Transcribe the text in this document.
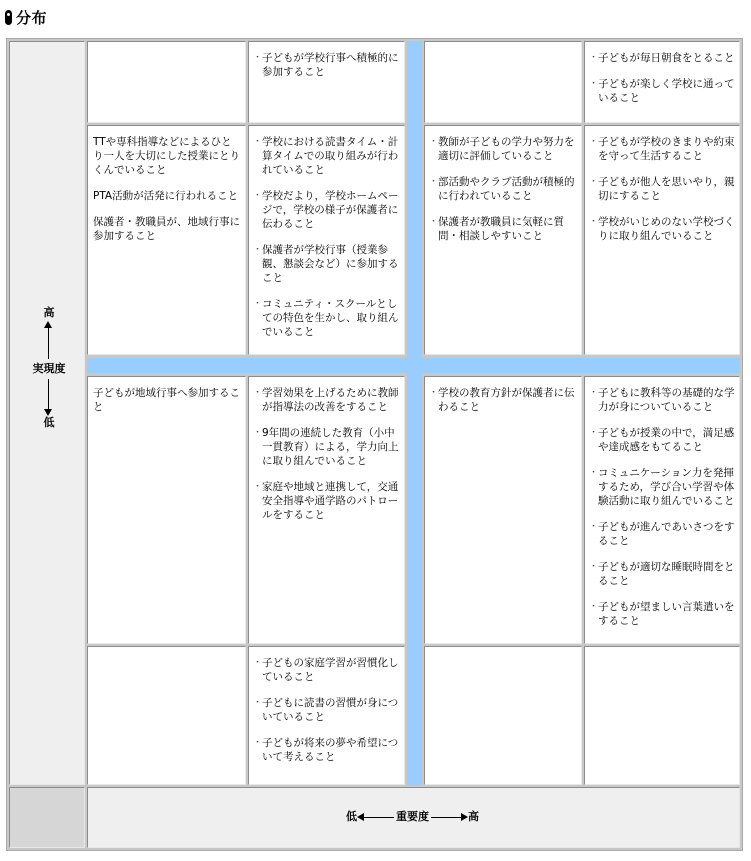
分布
高
実現度
低
低	重要度	高
・ 子どもが学校行事へ積極的に参加すること
・ 子どもが毎日朝食をとること
・ 子どもが楽しく学校に通っていること
TTや専科指導などによるひとり一人を大切にした授業にとりくんでいること
PTA活動が活発に行われること
保護者・教職員が、地域行事に参加すること
・ 学校における読書タイム・計算タイムでの取り組みが行われていること
・ 学校だより，学校ホームページで，学校の様子が保護者に伝わること
・ 保護者が学校行事（授業参観、懇談会など）に参加すること
・ コミュニティ・スクールとしての特色を生かし、取り組んでいること
・ 教師が子どもの学力や努力を適切に評価していること
・ 部活動やクラブ活動が積極的に行われていること
・ 保護者が教職員に気軽に質問・相談しやすいこと
・ 子どもが学校のきまりや約束を守って生活すること
・ 子どもが他人を思いやり，親切にすること
・ 学校がいじめのない学校づくりに取り組んでいること
子どもが地域行事へ参加すること
・ 学習効果を上げるために教師が指導法の改善をすること
・ 9年間の連続した教育（小中一貫教育）による，学力向上に取り組んでいること
・ 家庭や地域と連携して，交通安全指導や通学路のパトロールをすること
・ 学校の教育方針が保護者に伝わること
・ 子どもに教科等の基礎的な学力が身についていること
・ 子どもが授業の中で，満足感や達成感をもてること
・ コミュニケーション力を発揮するため，学び合い学習や体験活動に取り組んでいること
・ 子どもが進んであいさつをすること
・ 子どもが適切な睡眠時間をとること
・ 子どもが望ましい言葉遣いをすること
・ 子どもの家庭学習が習慣化していること
・ 子どもに読書の習慣が身についていること
・ 子どもが将来の夢や希望について考えること
